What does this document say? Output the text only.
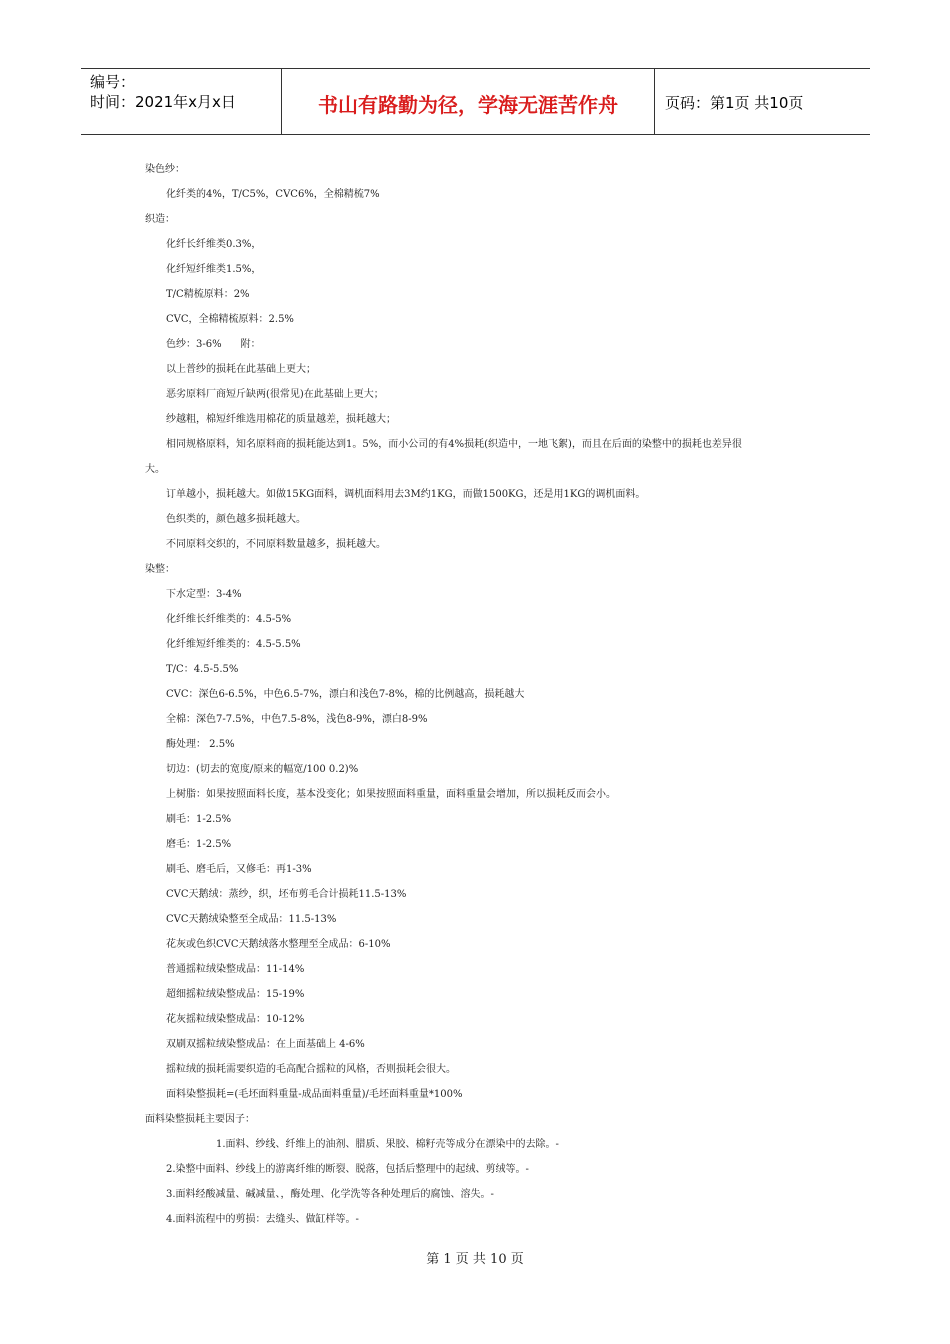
编号：
时间：2021年x月x日	书山有路勤为径，学海无涯苦作舟	页码：第1页 共10页
染色纱：
化纤类的4%，T/C5%，CVC6%，全棉精梳7%
织造：
化纤长纤维类0.3%，
化纤短纤维类1.5%，
T/C精梳原料：2%
CVC，全棉精梳原料：2.5%
色纱：3-6%      附：
以上普纱的损耗在此基础上更大；
恶劣原料厂商短斤缺两(很常见)在此基础上更大；
纱越粗，棉短纤维选用棉花的质量越差，损耗越大；
相同规格原料，知名原料商的损耗能达到1。5%，而小公司的有4%损耗(织造中，一地飞絮)，而且在后面的染整中的损耗也差异很
大。
订单越小，损耗越大。如做15KG面料，调机面料用去3M约1KG，而做1500KG，还是用1KG的调机面料。
色织类的，颜色越多损耗越大。
不同原料交织的，不同原料数量越多，损耗越大。
染整：
下水定型：3-4%
化纤维长纤维类的：4.5-5%
化纤维短纤维类的：4.5-5.5%
T/C：4.5-5.5%
CVC：深色6-6.5%，中色6.5-7%，漂白和浅色7-8%，棉的比例越高，损耗越大
全棉：深色7-7.5%，中色7.5-8%，浅色8-9%，漂白8-9%
酶处理： 2.5%
切边：(切去的宽度/原来的幅宽/100 0.2)%
上树脂：如果按照面料长度，基本没变化；如果按照面料重量，面料重量会增加，所以损耗反而会小。
刷毛：1-2.5%
磨毛：1-2.5%
刷毛、磨毛后，又修毛：再1-3%
CVC天鹅绒：蒸纱，织，坯布剪毛合计损耗11.5-13%
CVC天鹅绒染整至全成品：11.5-13%
花灰或色织CVC天鹅绒落水整理至全成品：6-10%
普通摇粒绒染整成品：11-14%
超细摇粒绒染整成品：15-19%
花灰摇粒绒染整成品：10-12%
双刷双摇粒绒染整成品：在上面基础上 4-6%
摇粒绒的损耗需要织造的毛高配合摇粒的风格，否则损耗会很大。
面料染整损耗=(毛坯面料重量-成品面料重量)/毛坯面料重量*100%
面料染整损耗主要因子：
1.面料、纱线、纤维上的油剂、腊质、果胶、棉籽壳等成分在漂染中的去除。-
2.染整中面料、纱线上的游离纤维的断裂、脱落，包括后整理中的起绒、剪绒等。-
3.面料经酸减量、碱减量、，酶处理、化学洗等各种处理后的腐蚀、溶失。-
4.面料流程中的剪损：去缝头、做缸样等。-
第 1 页 共 10 页
